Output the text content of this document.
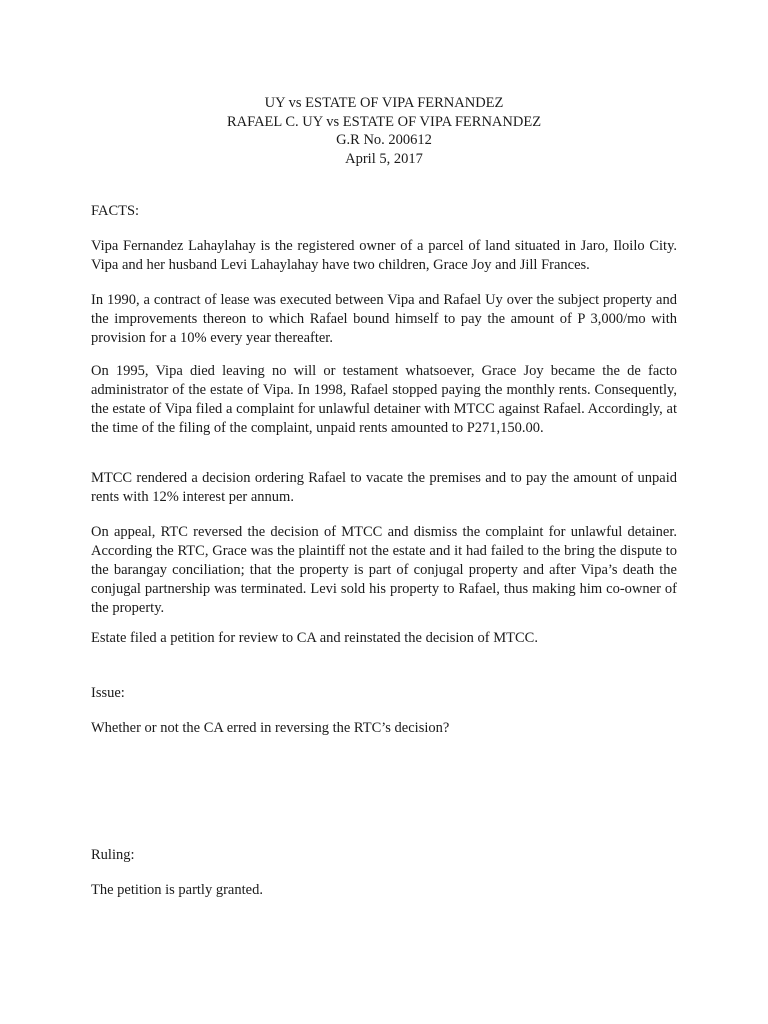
UY vs ESTATE OF VIPA FERNANDEZ
RAFAEL C. UY vs ESTATE OF VIPA FERNANDEZ
G.R No. 200612
April 5, 2017

FACTS:

Vipa Fernandez Lahaylahay is the registered owner of a parcel of land situated in Jaro, Iloilo City. Vipa and her husband Levi Lahaylahay have two children, Grace Joy and Jill Frances.

In 1990, a contract of lease was executed between Vipa and Rafael Uy over the subject property and the improvements thereon to which Rafael bound himself to pay the amount of P 3,000/mo with provision for a 10% every year thereafter.

On 1995, Vipa died leaving no will or testament whatsoever, Grace Joy became the de facto administrator of the estate of Vipa. In 1998, Rafael stopped paying the monthly rents. Consequently, the estate of Vipa filed a complaint for unlawful detainer with MTCC against Rafael. Accordingly, at the time of the filing of the complaint, unpaid rents amounted to P271,150.00.

MTCC rendered a decision ordering Rafael to vacate the premises and to pay the amount of unpaid rents with 12% interest per annum.

On appeal, RTC reversed the decision of MTCC and dismiss the complaint for unlawful detainer. According the RTC, Grace was the plaintiff not the estate and it had failed to the bring the dispute to the barangay conciliation; that the property is part of conjugal property and after Vipa’s death the conjugal partnership was terminated. Levi sold his property to Rafael, thus making him co-owner of the property.

Estate filed a petition for review to CA and reinstated the decision of MTCC.

Issue:

Whether or not the CA erred in reversing the RTC’s decision?

Ruling:

The petition is partly granted.
